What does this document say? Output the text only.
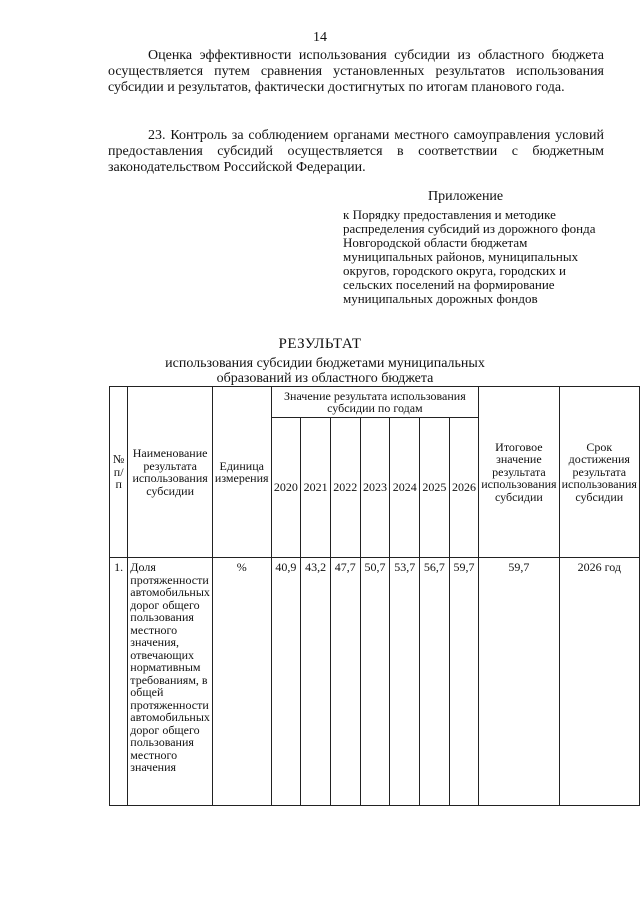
14

Оценка эффективности использования субсидии из областного бюджета осуществляется путем сравнения установленных результатов использования субсидии и результатов, фактически достигнутых по итогам планового года.

23. Контроль за соблюдением органами местного самоуправления условий предоставления субсидий осуществляется в соответствии с бюджетным законодательством Российской Федерации.

Приложение

к Порядку предоставления и методике распределения субсидий из дорожного фонда Новгородской области бюджетам муниципальных районов, муниципальных округов, городского округа, городских и сельских поселений на формирование муниципальных дорожных фондов

РЕЗУЛЬТАТ

использования субсидии бюджетами муниципальных образований из областного бюджета

№ п/п	Наименование результата использования субсидии	Единица измерения	Значение результата использования субсидии по годам							Итоговое значение результата использования субсидии	Срок достижения результата использования субсидии
			2020	2021	2022	2023	2024	2025	2026		
1.	Доля протяженности автомобильных дорог общего пользования местного значения, отвечающих нормативным требованиям, в общей протяженности автомобильных дорог общего пользования местного значения	%	40,9	43,2	47,7	50,7	53,7	56,7	59,7	59,7	2026 год
